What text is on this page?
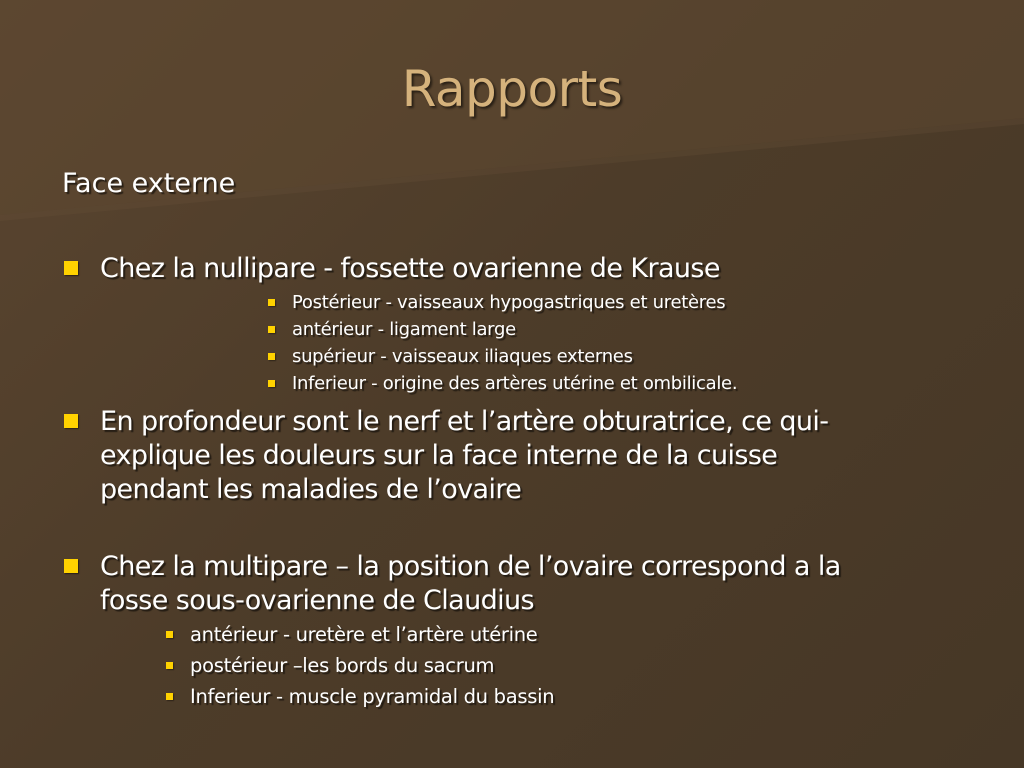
Rapports
Face externe
Chez la nullipare - fossette ovarienne de Krause
Postérieur - vaisseaux hypogastriques et uretères
antérieur - ligament large
supérieur - vaisseaux iliaques externes
Inferieur - origine des artères utérine et ombilicale.
En profondeur sont le nerf et l’artère obturatrice, ce qui-
explique les douleurs sur la face interne de la cuisse
pendant les maladies de l’ovaire
Chez la multipare – la position de l’ovaire correspond a la
fosse sous-ovarienne de Claudius
antérieur - uretère et l’artère utérine
postérieur –les bords du sacrum
Inferieur - muscle pyramidal du bassin
